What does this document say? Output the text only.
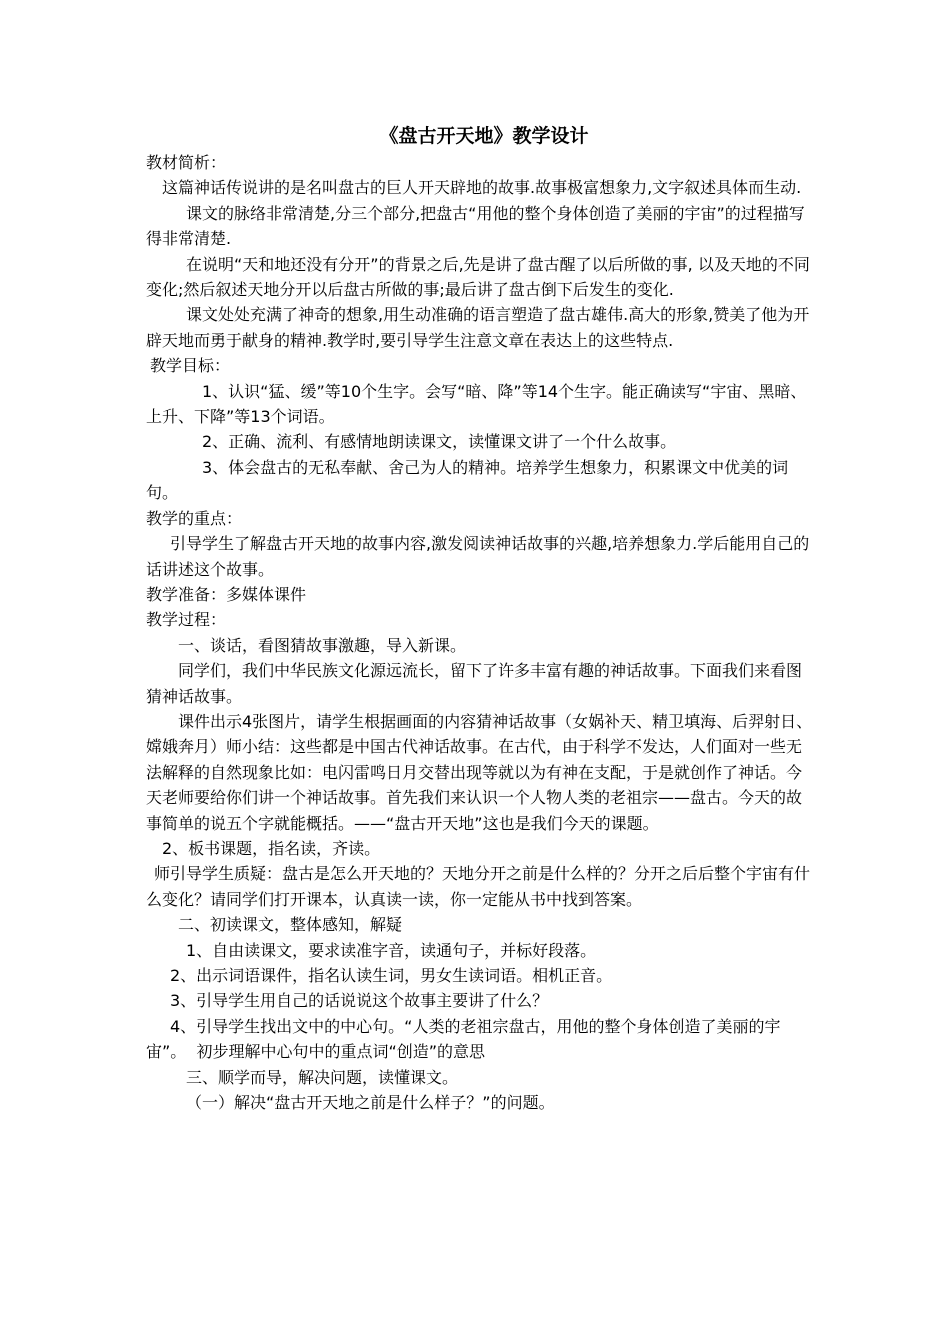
《盘古开天地》教学设计

教材简析：

这篇神话传说讲的是名叫盘古的巨人开天辟地的故事.故事极富想象力,文字叙述具体而生动.

课文的脉络非常清楚,分三个部分,把盘古“用他的整个身体创造了美丽的宇宙”的过程描写得非常清楚.

在说明“天和地还没有分开”的背景之后,先是讲了盘古醒了以后所做的事, 以及天地的不同变化;然后叙述天地分开以后盘古所做的事;最后讲了盘古倒下后发生的变化.

课文处处充满了神奇的想象,用生动准确的语言塑造了盘古雄伟.高大的形象,赞美了他为开辟天地而勇于献身的精神.教学时,要引导学生注意文章在表达上的这些特点.

教学目标：

1、认识“猛、缓”等10个生字。会写“暗、降”等14个生字。能正确读写“宇宙、黑暗、上升、下降”等13个词语。

2、正确、流利、有感情地朗读课文，读懂课文讲了一个什么故事。

3、体会盘古的无私奉献、舍己为人的精神。培养学生想象力，积累课文中优美的词句。

教学的重点：

引导学生了解盘古开天地的故事内容,激发阅读神话故事的兴趣,培养想象力.学后能用自己的话讲述这个故事。

教学准备：多媒体课件

教学过程：

一、谈话，看图猜故事激趣，导入新课。

同学们，我们中华民族文化源远流长，留下了许多丰富有趣的神话故事。下面我们来看图猜神话故事。

课件出示4张图片，请学生根据画面的内容猜神话故事（女娲补天、精卫填海、后羿射日、嫦娥奔月）师小结：这些都是中国古代神话故事。在古代，由于科学不发达，人们面对一些无法解释的自然现象比如：电闪雷鸣日月交替出现等就以为有神在支配，于是就创作了神话。今天老师要给你们讲一个神话故事。首先我们来认识一个人物人类的老祖宗——盘古。今天的故事简单的说五个字就能概括。——“盘古开天地”这也是我们今天的课题。

2、板书课题，指名读，齐读。

师引导学生质疑：盘古是怎么开天地的？天地分开之前是什么样的？分开之后后整个宇宙有什么变化？请同学们打开课本，认真读一读，你一定能从书中找到答案。

二、初读课文，整体感知，解疑

1、自由读课文，要求读准字音，读通句子，并标好段落。

2、出示词语课件，指名认读生词，男女生读词语。相机正音。

3、引导学生用自己的话说说这个故事主要讲了什么？

4、引导学生找出文中的中心句。“人类的老祖宗盘古，用他的整个身体创造了美丽的宇宙”。  初步理解中心句中的重点词“创造”的意思

三、顺学而导，解决问题，读懂课文。

（一）解决“盘古开天地之前是什么样子？”的问题。
